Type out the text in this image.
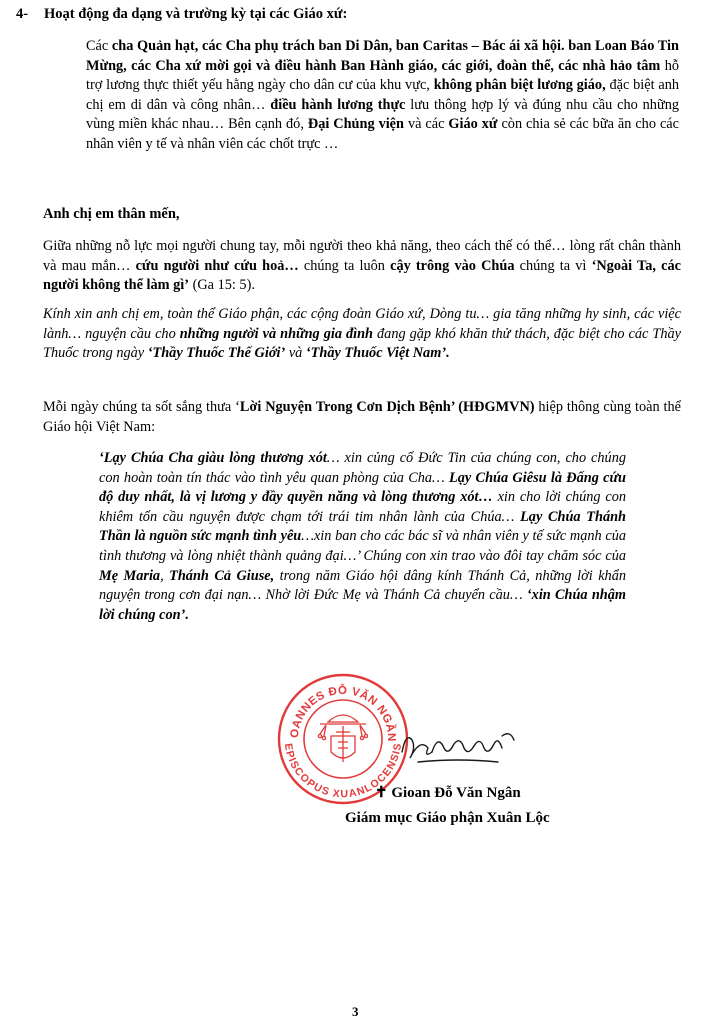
4- Hoạt động đa dạng và trường kỳ tại các Giáo xứ:
Các cha Quản hạt, các Cha phụ trách ban Di Dân, ban Caritas – Bác ái xã hội. ban Loan Báo Tin Mừng, các Cha xứ mời gọi và điều hành Ban Hành giáo, các giới, đoàn thể, các nhà hảo tâm hỗ trợ lương thực thiết yếu hằng ngày cho dân cư của khu vực, không phân biệt lương giáo, đặc biệt anh chị em di dân và công nhân… điều hành lương thực lưu thông hợp lý và đúng nhu cầu cho những vùng miền khác nhau… Bên cạnh đó, Đại Chủng viện và các Giáo xứ còn chia sẻ các bữa ăn cho các nhân viên y tế và nhân viên các chốt trực …
Anh chị em thân mến,
Giữa những nỗ lực mọi người chung tay, mỗi người theo khả năng, theo cách thế có thể… lòng rất chân thành và mau mắn… cứu người như cứu hoả… chúng ta luôn cậy trông vào Chúa chúng ta vì ‘Ngoài Ta, các người không thể làm gì’ (Ga 15: 5).
Kính xin anh chị em, toàn thể Giáo phận, các cộng đoàn Giáo xứ, Dòng tu… gia tăng những hy sinh, các việc lành… nguyện cầu cho những người và những gia đình đang gặp khó khăn thử thách, đặc biệt cho các Thầy Thuốc trong ngày ‘Thầy Thuốc Thế Giới’ và ‘Thầy Thuốc Việt Nam’.
Mỗi ngày chúng ta sốt sắng thưa ‘Lời Nguyện Trong Cơn Dịch Bệnh’ (HĐGMVN) hiệp thông cùng toàn thể Giáo hội Việt Nam:
‘Lạy Chúa Cha giàu lòng thương xót… xin củng cố Đức Tin của chúng con, cho chúng con hoàn toàn tín thác vào tình yêu quan phòng của Cha… Lạy Chúa Giêsu là Đấng cứu độ duy nhất, là vị lương y đầy quyền năng và lòng thương xót… xin cho lời chúng con khiêm tốn cầu nguyện được chạm tới trái tim nhân lành của Chúa… Lạy Chúa Thánh Thần là nguồn sức mạnh tình yêu…xin ban cho các bác sĩ và nhân viên y tế sức mạnh của tình thương và lòng nhiệt thành quảng đại…’ Chúng con xin trao vào đôi tay chăm sóc của Mẹ Maria, Thánh Cả Giuse, trong năm Giáo hội dâng kính Thánh Cả, những lời khẩn nguyện trong cơn đại nạn… Nhờ lời Đức Mẹ và Thánh Cả chuyển cầu… ‘xin Chúa nhậm lời chúng con’.
OANNES ĐỖ VĂN NGẦN
EPISCOPUS XUANLOCENSIS
✝ Gioan Đỗ Văn Ngân
Giám mục Giáo phận Xuân Lộc
3
